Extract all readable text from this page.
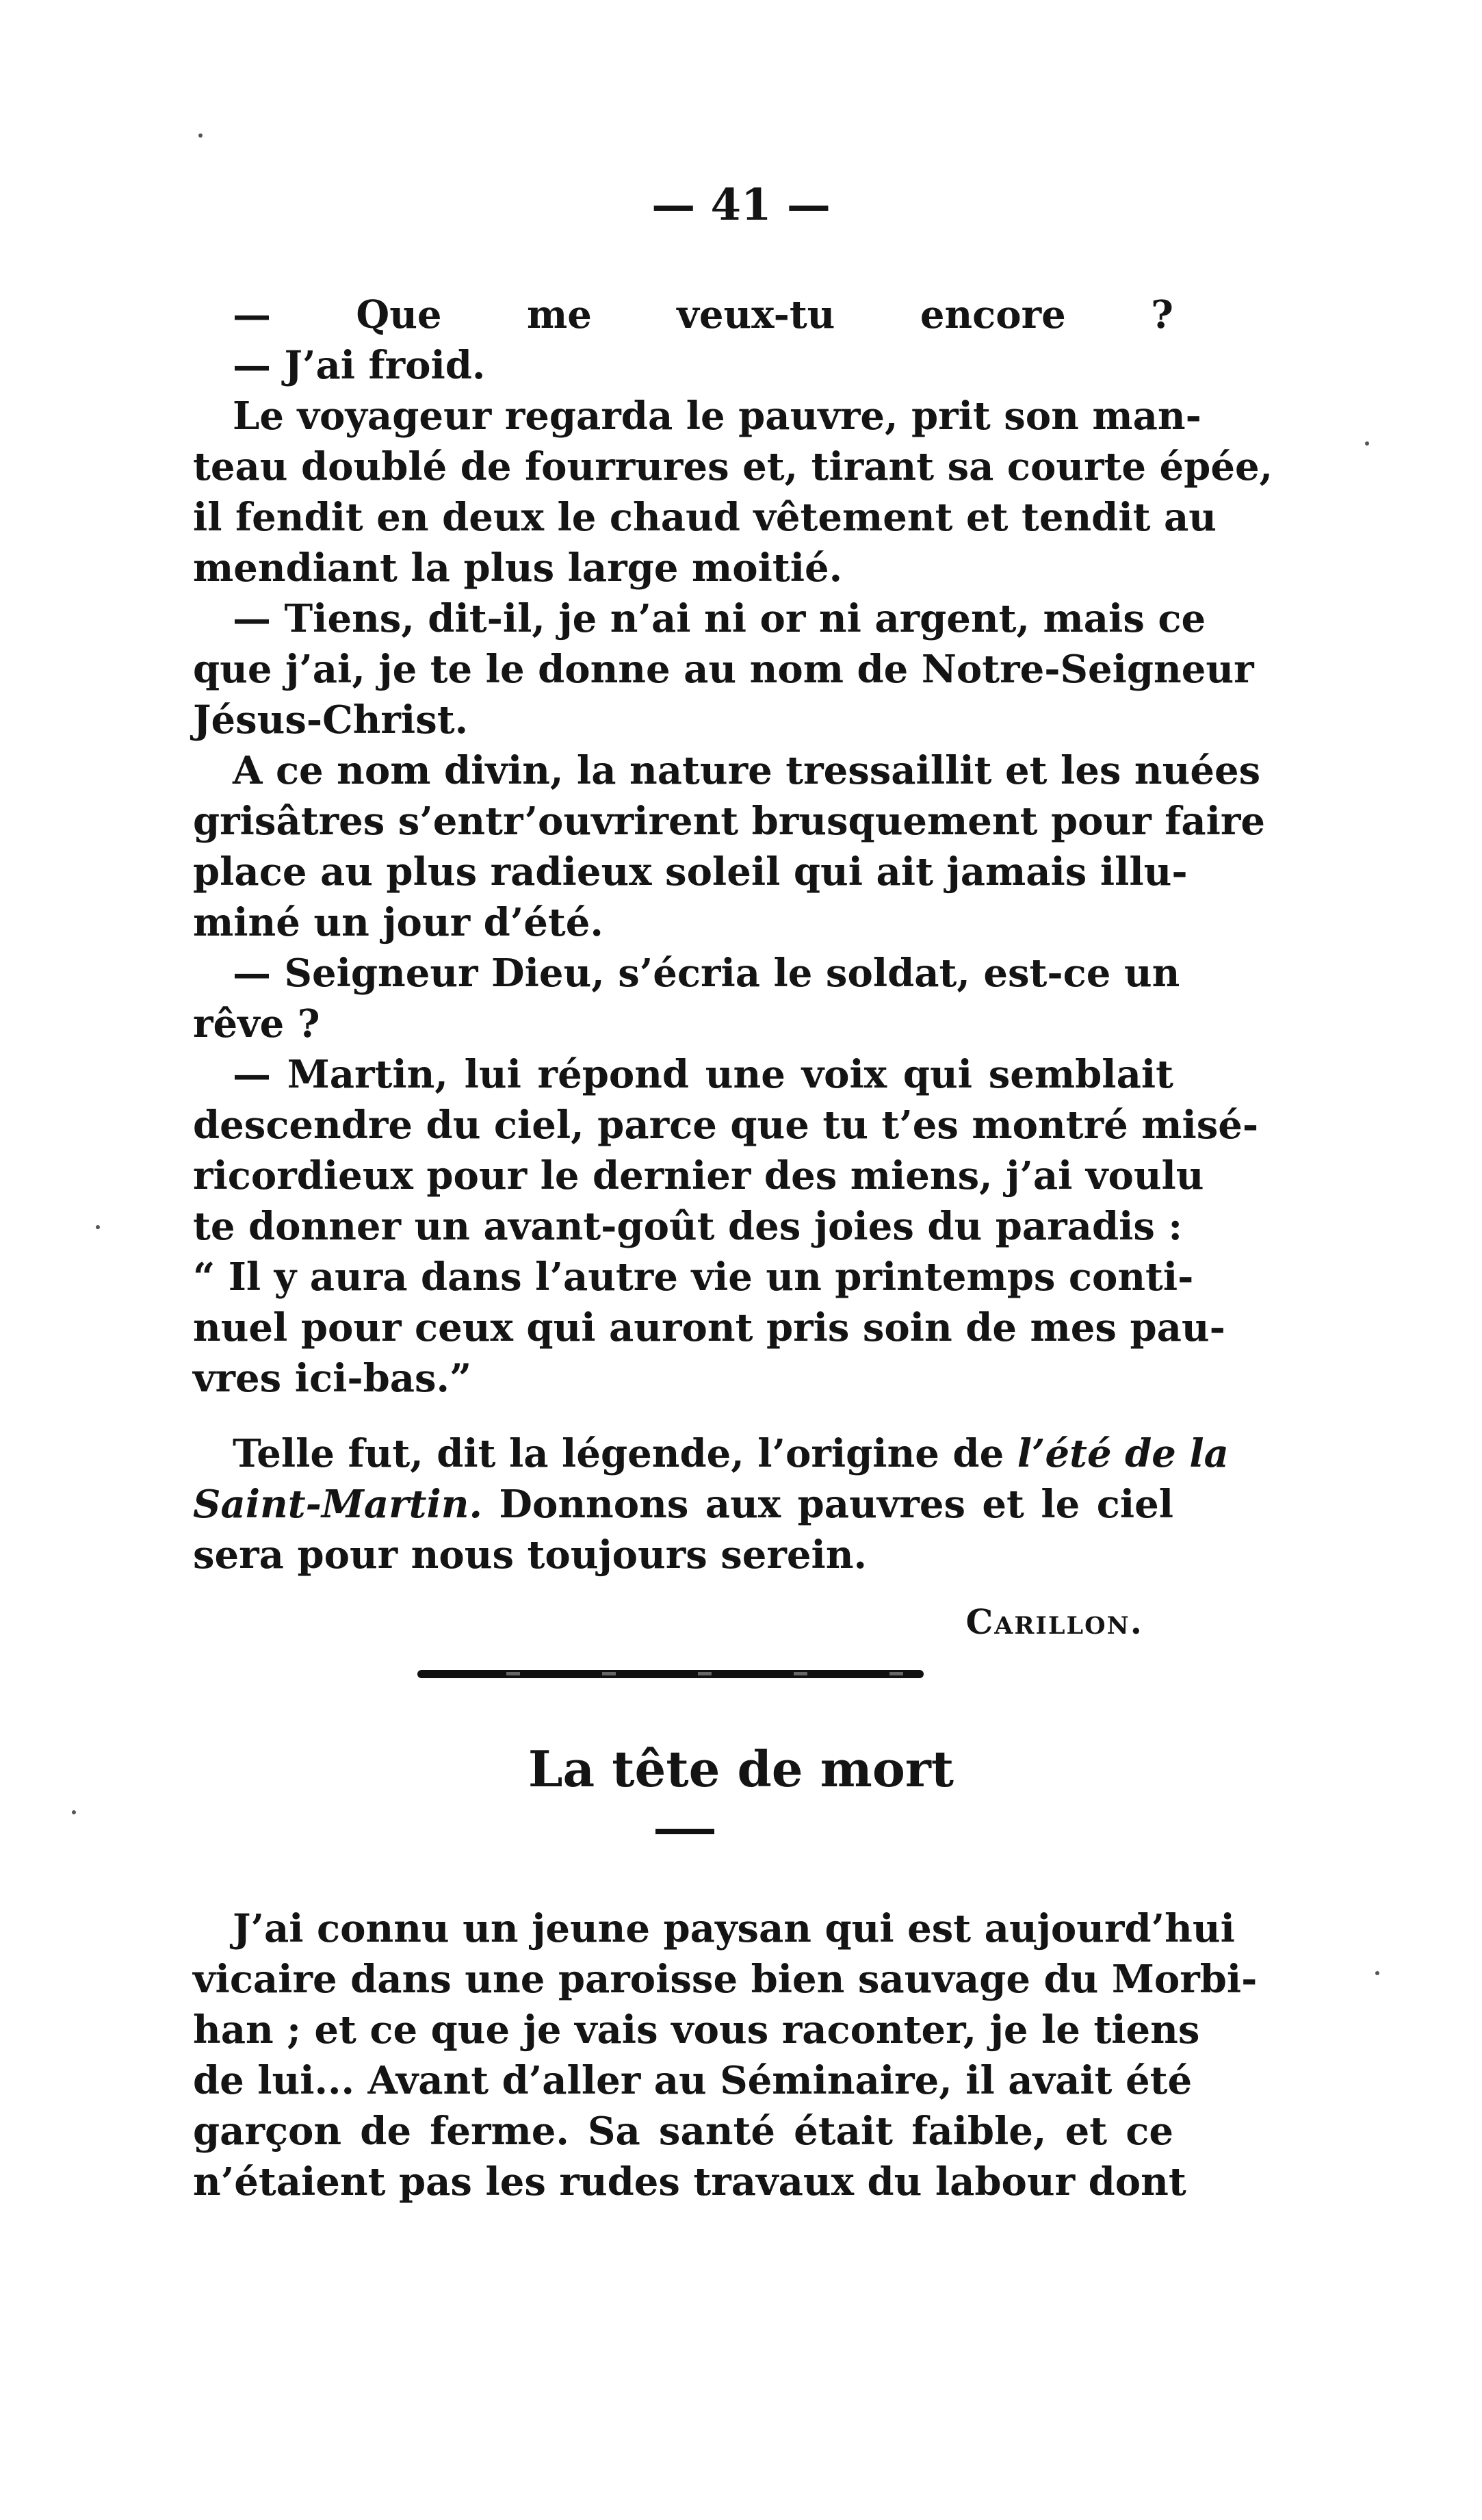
— 41 —
— Que me veux-tu encore ?
— J’ai froid.
Le voyageur regarda le pauvre, prit son man-
teau doublé de fourrures et, tirant sa courte épée,
il fendit en deux le chaud vêtement et tendit au
mendiant la plus large moitié.
— Tiens, dit-il, je n’ai ni or ni argent, mais ce
que j’ai, je te le donne au nom de Notre-Seigneur
Jésus-Christ.
A ce nom divin, la nature tressaillit et les nuées
grisâtres s’entr’ouvrirent brusquement pour faire
place au plus radieux soleil qui ait jamais illu-
miné un jour d’été.
— Seigneur Dieu, s’écria le soldat, est-ce un
rêve ?
— Martin, lui répond une voix qui semblait
descendre du ciel, parce que tu t’es montré misé-
ricordieux pour le dernier des miens, j’ai voulu
te donner un avant-goût des joies du paradis :
“ Il y aura dans l’autre vie un printemps conti-
nuel pour ceux qui auront pris soin de mes pau-
vres ici-bas.”
Telle fut, dit la légende, l’origine de l’été de la
Saint-Martin. Donnons aux pauvres et le ciel
sera pour nous toujours serein.
Carillon.
La tête de mort
J’ai connu un jeune paysan qui est aujourd’hui
vicaire dans une paroisse bien sauvage du Morbi-
han ; et ce que je vais vous raconter, je le tiens
de lui... Avant d’aller au Séminaire, il avait été
garçon de ferme. Sa santé était faible, et ce
n’étaient pas les rudes travaux du labour dont
